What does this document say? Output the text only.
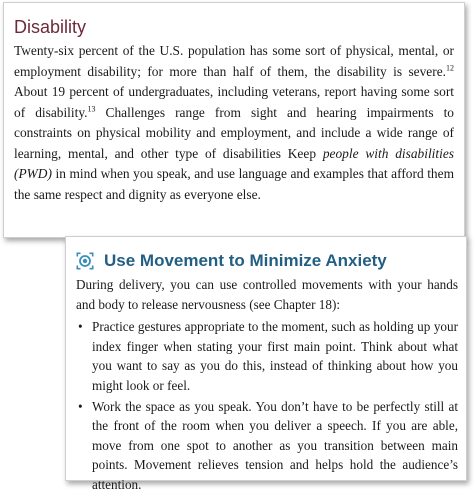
Disability

Twenty-six percent of the U.S. population has some sort of physical, mental, or employment disability; for more than half of them, the disability is severe.$^{12}$ About 19 percent of undergraduates, including veterans, report having some sort of disability.$^{13}$ Challenges range from sight and hearing impairments to constraints on physical mobility and employment, and include a wide range of learning, mental, and other type of disabilities Keep people with disabilities (PWD) in mind when you speak, and use language and examples that afford them the same respect and dignity as everyone else.

Use Movement to Minimize Anxiety

During delivery, you can use controlled movements with your hands and body to release nervousness (see Chapter 18):

• Practice gestures appropriate to the moment, such as holding up your index finger when stating your first main point. Think about what you want to say as you do this, instead of thinking about how you might look or feel.
• Work the space as you speak. You don’t have to be perfectly still at the front of the room when you deliver a speech. If you are able, move from one spot to another as you transition between main points. Movement relieves tension and helps hold the audience’s attention.
